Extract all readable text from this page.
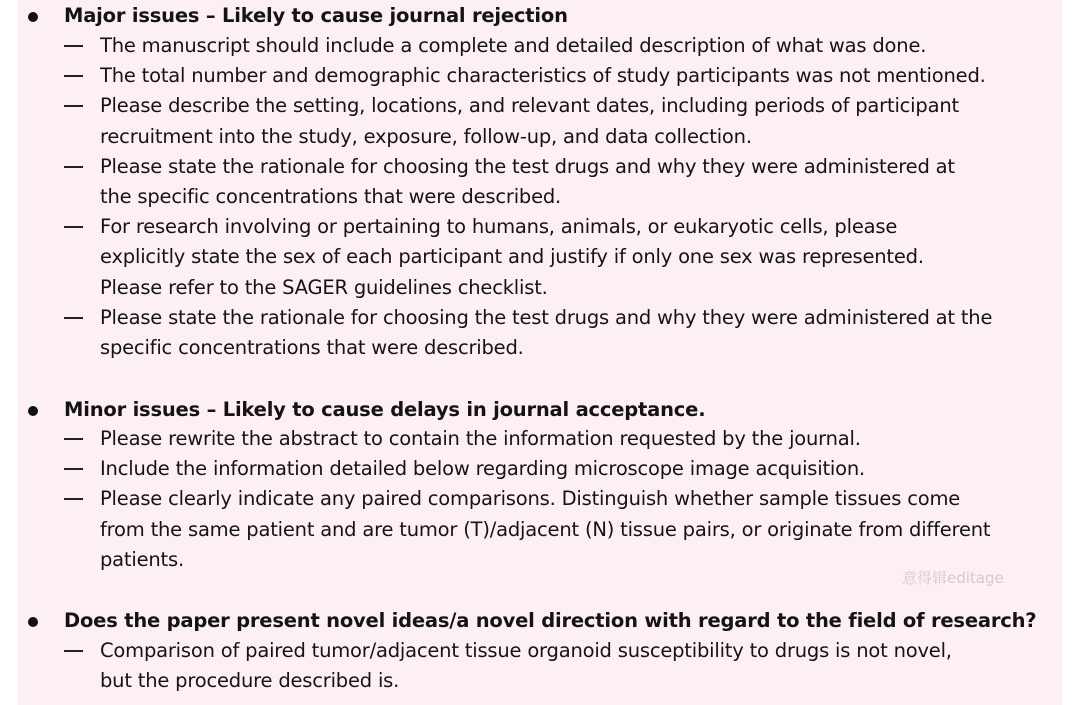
Major issues – Likely to cause journal rejection
The manuscript should include a complete and detailed description of what was done.
The total number and demographic characteristics of study participants was not mentioned.
Please describe the setting, locations, and relevant dates, including periods of participant
recruitment into the study, exposure, follow-up, and data collection.
Please state the rationale for choosing the test drugs and why they were administered at
the specific concentrations that were described.
For research involving or pertaining to humans, animals, or eukaryotic cells, please
explicitly state the sex of each participant and justify if only one sex was represented.
Please refer to the SAGER guidelines checklist.
Please state the rationale for choosing the test drugs and why they were administered at the
specific concentrations that were described.
Minor issues – Likely to cause delays in journal acceptance.
Please rewrite the abstract to contain the information requested by the journal.
Include the information detailed below regarding microscope image acquisition.
Please clearly indicate any paired comparisons. Distinguish whether sample tissues come
from the same patient and are tumor (T)/adjacent (N) tissue pairs, or originate from different
patients.
Does the paper present novel ideas/a novel direction with regard to the field of research?
Comparison of paired tumor/adjacent tissue organoid susceptibility to drugs is not novel,
but the procedure described is.
意得辑editage
